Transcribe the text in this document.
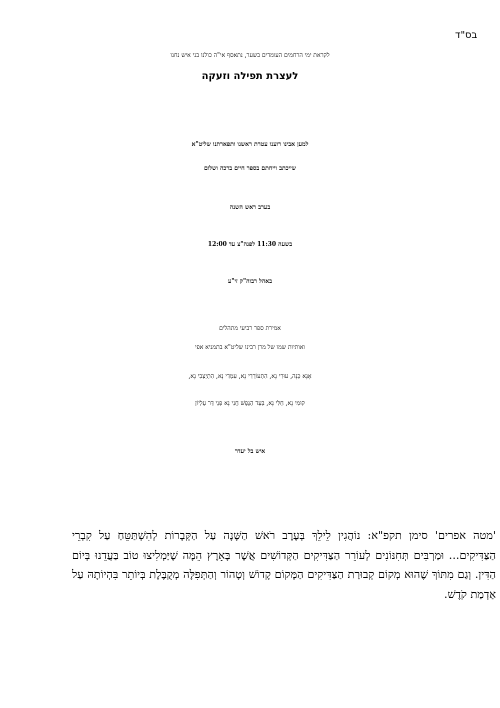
בס"ד
לקראת ימי הרחמים העומדים בשער, נתאסף אי"ה כולנו בני איש נחנו
לעצרת תפילה וזעקה
למען אבינו רוענו עטרת ראשנו ותפארתנו שליט"א
שייכתב וייחתם בספר חיים ברכה ושלום
בערב ראש השנה
בשעה 11:30 לפנה"צ עד 12:00
באהל רבוה"ק זי"ע
אמירת ספר רביעי מתהלים
ואותיות שמו של מרן רבינו שליט"א בתמניא אפי
אָנָּא כַּנָּה, עוּרִי נָא, הִתְעוֹרְרִי נָא, עִמְדִי נָא, הִתְיַצְּבִי נָא,
קוּמִי נָא, חַלִּי נָא, בְּעַד הַנֶּפֶשׁ חֲנִי נָא פְּנֵי דַּר עֶלְיוֹן
איש בל יעדר
'מטה אפרים' סימן תקפ"א: נוֹהֲגִין לֵילֵךְ בְּעֶרֶב רֹאשׁ הַשָּׁנָה עַל הַקְּבָרוֹת לְהִשְׁתַּטֵּחַ עַל קִבְרֵי הַצַּדִּיקִים... וּמַרְבִּים תְּחִנּוֹנִים לְעוֹרֵר הַצַּדִּיקִים הַקְּדוֹשִׁים אֲשֶׁר בָּאָרֶץ הֵמָּה שֶׁיַּמְלִיצוּ טוֹב בַּעֲדֵנוּ בְּיוֹם הַדִּין. וְגַם מִתּוֹךְ שֶׁהוּא מְקוֹם קְבוּרַת הַצַּדִּיקִים הַמָּקוֹם קָדוֹשׁ וְטָהוֹר וְהַתְּפִלָּה מְקֻבֶּלֶת בְּיוֹתֵר בִּהְיוֹתָהּ עַל אַדְמַת קֹדֶשׁ.
